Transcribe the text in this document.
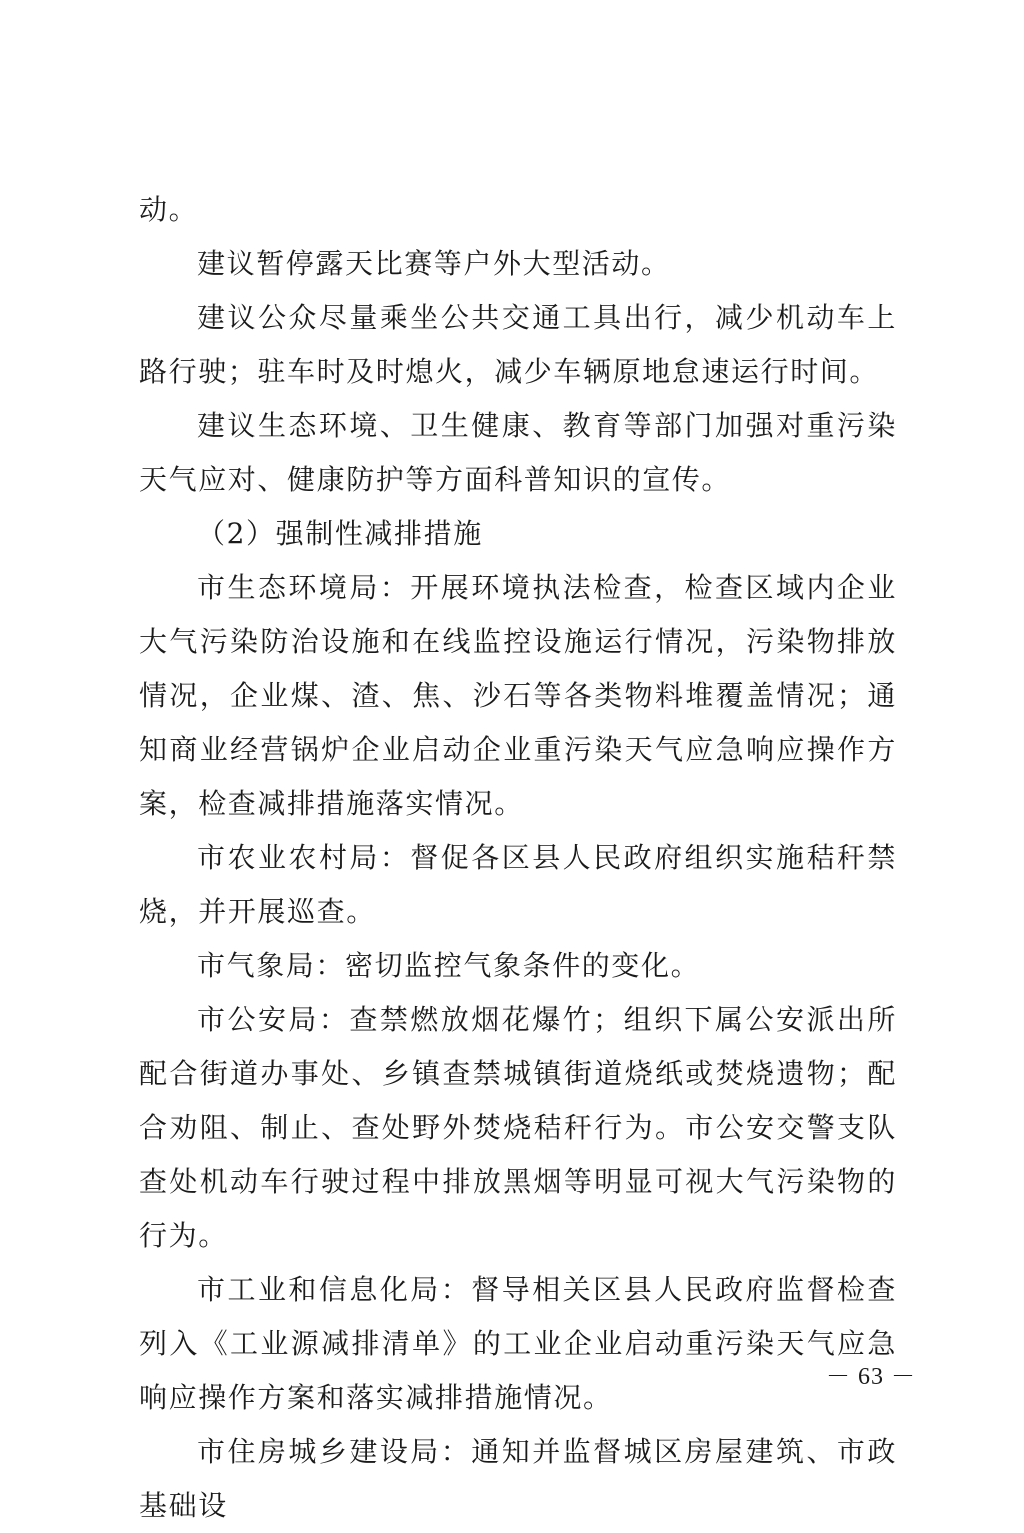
动。

建议暂停露天比赛等户外大型活动。

建议公众尽量乘坐公共交通工具出行，减少机动车上路行驶；驻车时及时熄火，减少车辆原地怠速运行时间。

建议生态环境、卫生健康、教育等部门加强对重污染天气应对、健康防护等方面科普知识的宣传。

（2）强制性减排措施

市生态环境局：开展环境执法检查，检查区域内企业大气污染防治设施和在线监控设施运行情况，污染物排放情况，企业煤、渣、焦、沙石等各类物料堆覆盖情况；通知商业经营锅炉企业启动企业重污染天气应急响应操作方案，检查减排措施落实情况。

市农业农村局：督促各区县人民政府组织实施秸秆禁烧，并开展巡查。

市气象局：密切监控气象条件的变化。

市公安局：查禁燃放烟花爆竹；组织下属公安派出所配合街道办事处、乡镇查禁城镇街道烧纸或焚烧遗物；配合劝阻、制止、查处野外焚烧秸秆行为。市公安交警支队查处机动车行驶过程中排放黑烟等明显可视大气污染物的行为。

市工业和信息化局：督导相关区县人民政府监督检查列入《工业源减排清单》的工业企业启动重污染天气应急响应操作方案和落实减排措施情况。

市住房城乡建设局：通知并监督城区房屋建筑、市政基础设

－ 63 －
